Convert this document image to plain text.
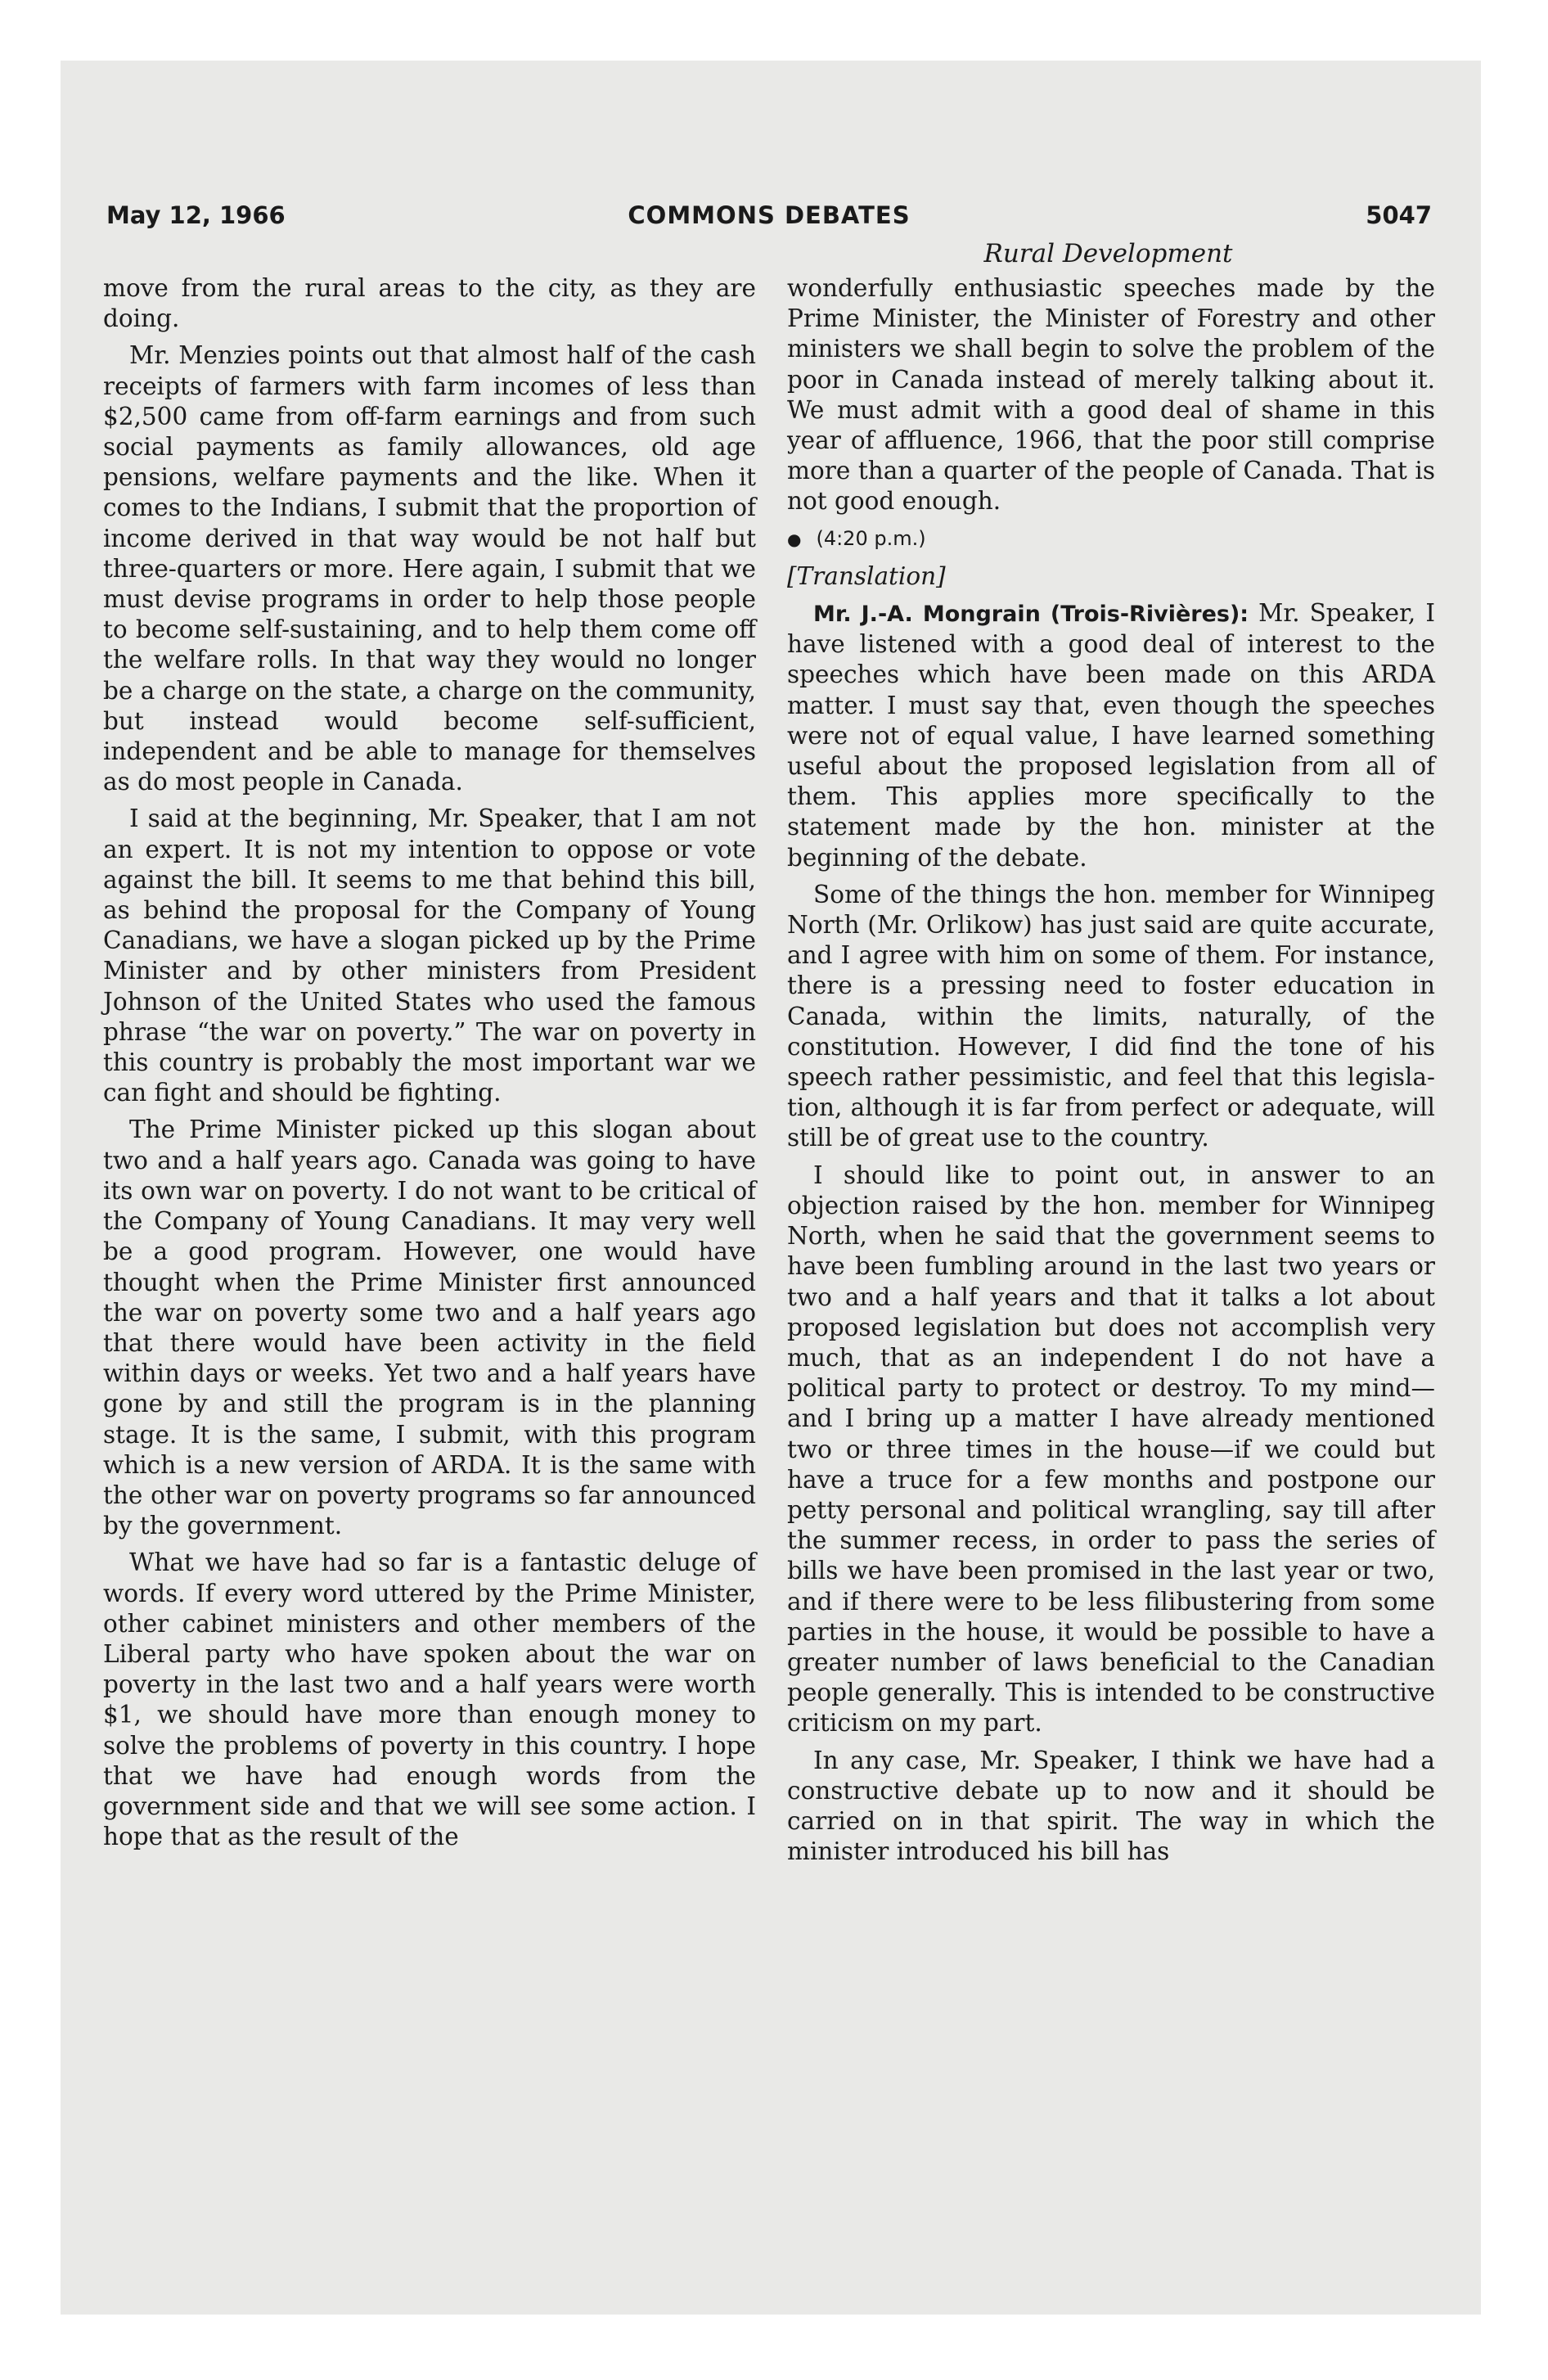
May 12, 1966	COMMONS DEBATES	5047
Rural Development

move from the rural areas to the city, as they are doing.

Mr. Menzies points out that almost half of the cash receipts of farmers with farm incomes of less than $2,500 came from off-farm earnings and from such social payments as family allowances, old age pensions, welfare payments and the like. When it comes to the Indians, I submit that the proportion of income derived in that way would be not half but three-quarters or more. Here again, I submit that we must devise programs in order to help those people to become self-sustaining, and to help them come off the welfare rolls. In that way they would no longer be a charge on the state, a charge on the community, but instead would become self-sufficient, independent and be able to manage for themselves as do most people in Canada.

I said at the beginning, Mr. Speaker, that I am not an expert. It is not my intention to oppose or vote against the bill. It seems to me that behind this bill, as behind the proposal for the Company of Young Canadians, we have a slogan picked up by the Prime Minister and by other ministers from President Johnson of the United States who used the famous phrase “the war on poverty.” The war on poverty in this country is probably the most important war we can fight and should be fighting.

The Prime Minister picked up this slogan about two and a half years ago. Canada was going to have its own war on poverty. I do not want to be critical of the Company of Young Canadians. It may very well be a good program. However, one would have thought when the Prime Minister first announced the war on poverty some two and a half years ago that there would have been activity in the field within days or weeks. Yet two and a half years have gone by and still the program is in the planning stage. It is the same, I submit, with this program which is a new version of ARDA. It is the same with the other war on poverty programs so far announced by the government.

What we have had so far is a fantastic deluge of words. If every word uttered by the Prime Minister, other cabinet ministers and other members of the Liberal party who have spoken about the war on poverty in the last two and a half years were worth $1, we should have more than enough money to solve the problems of poverty in this country. I hope that we have had enough words from the government side and that we will see some action. I hope that as the result of the

wonderfully enthusiastic speeches made by the Prime Minister, the Minister of Forestry and other ministers we shall begin to solve the problem of the poor in Canada instead of merely talking about it. We must admit with a good deal of shame in this year of affluence, 1966, that the poor still comprise more than a quarter of the people of Canada. That is not good enough.

● (4:20 p.m.)

[Translation]

Mr. J.-A. Mongrain (Trois-Rivières): Mr. Speaker, I have listened with a good deal of interest to the speeches which have been made on this ARDA matter. I must say that, even though the speeches were not of equal value, I have learned something useful about the proposed legislation from all of them. This applies more specifically to the statement made by the hon. minister at the beginning of the debate.

Some of the things the hon. member for Winnipeg North (Mr. Orlikow) has just said are quite accurate, and I agree with him on some of them. For instance, there is a pressing need to foster education in Canada, within the limits, naturally, of the constitution. However, I did find the tone of his speech rather pessimistic, and feel that this legislation, although it is far from perfect or adequate, will still be of great use to the country.

I should like to point out, in answer to an objection raised by the hon. member for Winnipeg North, when he said that the government seems to have been fumbling around in the last two years or two and a half years and that it talks a lot about proposed legislation but does not accomplish very much, that as an independent I do not have a political party to protect or destroy. To my mind— and I bring up a matter I have already mentioned two or three times in the house—if we could but have a truce for a few months and postpone our petty personal and political wrangling, say till after the summer recess, in order to pass the series of bills we have been promised in the last year or two, and if there were to be less filibustering from some parties in the house, it would be possible to have a greater number of laws beneficial to the Canadian people generally. This is intended to be constructive criticism on my part.

In any case, Mr. Speaker, I think we have had a constructive debate up to now and it should be carried on in that spirit. The way in which the minister introduced his bill has
